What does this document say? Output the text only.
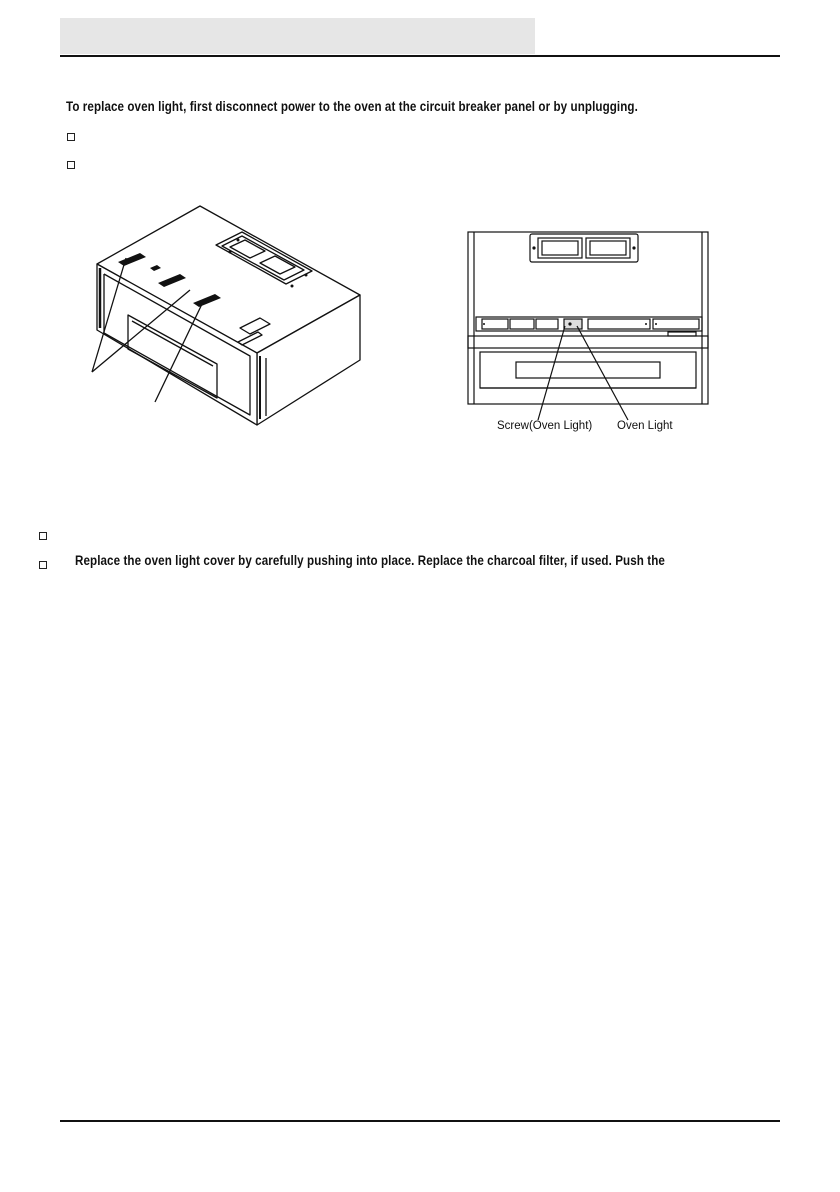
To replace oven light, first disconnect power to the oven at the circuit breaker panel or by unplugging.
Screw(Oven Light) Oven Light
Replace the oven light cover by carefully pushing into place. Replace the charcoal filter, if used. Push the
